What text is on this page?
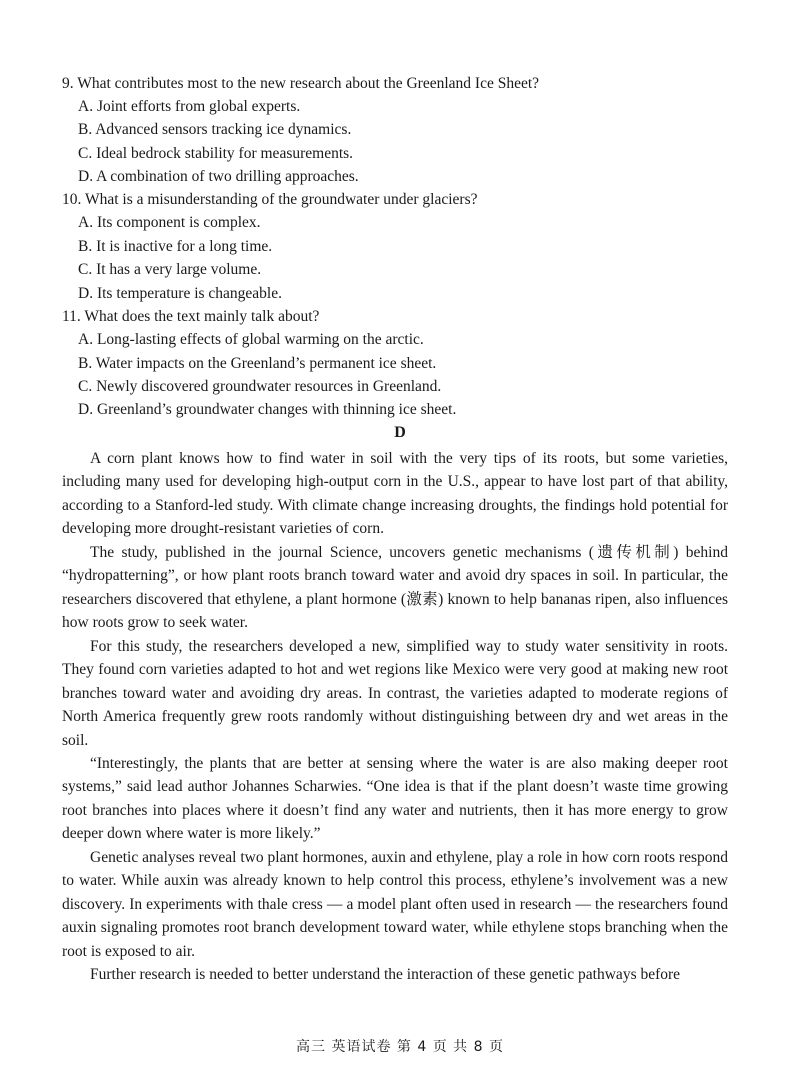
9. What contributes most to the new research about the Greenland Ice Sheet?
A. Joint efforts from global experts.
B. Advanced sensors tracking ice dynamics.
C. Ideal bedrock stability for measurements.
D. A combination of two drilling approaches.
10. What is a misunderstanding of the groundwater under glaciers?
A. Its component is complex.
B. It is inactive for a long time.
C. It has a very large volume.
D. Its temperature is changeable.
11. What does the text mainly talk about?
A. Long-lasting effects of global warming on the arctic.
B. Water impacts on the Greenland’s permanent ice sheet.
C. Newly discovered groundwater resources in Greenland.
D. Greenland’s groundwater changes with thinning ice sheet.
D

A corn plant knows how to find water in soil with the very tips of its roots, but some varieties, including many used for developing high-output corn in the U.S., appear to have lost part of that ability, according to a Stanford-led study. With climate change increasing droughts, the findings hold potential for developing more drought-resistant varieties of corn.

The study, published in the journal Science, uncovers genetic mechanisms (遗传机制) behind “hydropatterning”, or how plant roots branch toward water and avoid dry spaces in soil. In particular, the researchers discovered that ethylene, a plant hormone (激素) known to help bananas ripen, also influences how roots grow to seek water.

For this study, the researchers developed a new, simplified way to study water sensitivity in roots. They found corn varieties adapted to hot and wet regions like Mexico were very good at making new root branches toward water and avoiding dry areas. In contrast, the varieties adapted to moderate regions of North America frequently grew roots randomly without distinguishing between dry and wet areas in the soil.

“Interestingly, the plants that are better at sensing where the water is are also making deeper root systems,” said lead author Johannes Scharwies. “One idea is that if the plant doesn’t waste time growing root branches into places where it doesn’t find any water and nutrients, then it has more energy to grow deeper down where water is more likely.”

Genetic analyses reveal two plant hormones, auxin and ethylene, play a role in how corn roots respond to water. While auxin was already known to help control this process, ethylene’s involvement was a new discovery. In experiments with thale cress — a model plant often used in research — the researchers found auxin signaling promotes root branch development toward water, while ethylene stops branching when the root is exposed to air.

Further research is needed to better understand the interaction of these genetic pathways before

高三 英语试卷 第 4 页 共 8 页
